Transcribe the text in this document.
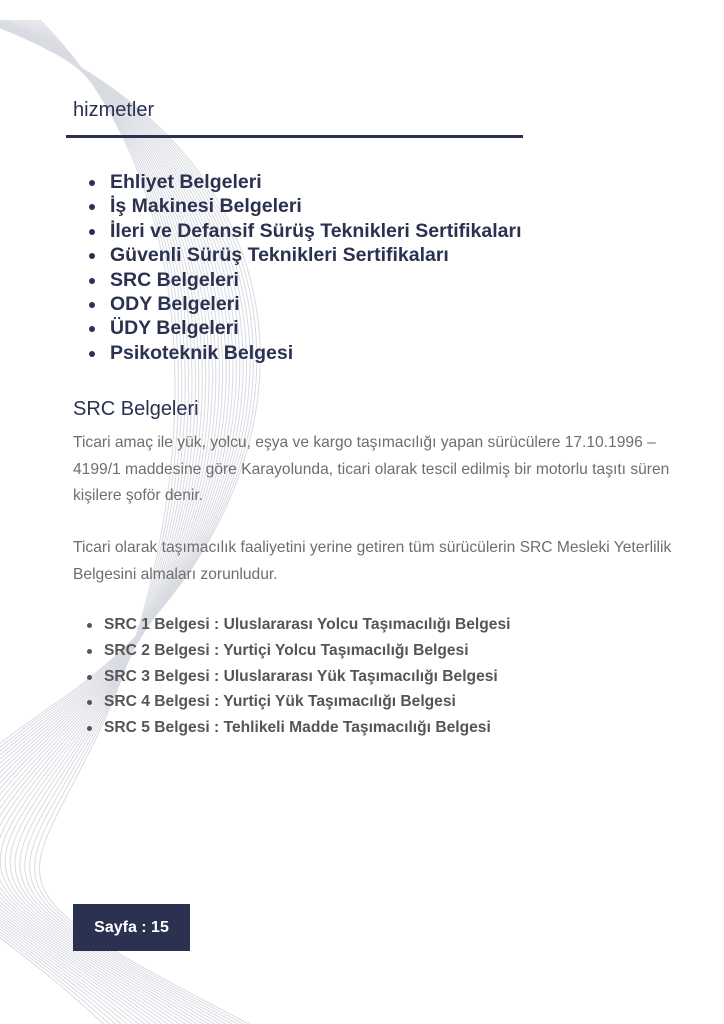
hizmetler
Ehliyet Belgeleri
İş Makinesi Belgeleri
İleri ve Defansif Sürüş Teknikleri Sertifikaları
Güvenli Sürüş Teknikleri Sertifikaları
SRC Belgeleri
ODY Belgeleri
ÜDY Belgeleri
Psikoteknik Belgesi
SRC Belgeleri

Ticari amaç ile yük, yolcu, eşya ve kargo taşımacılığı yapan sürücülere 17.10.1996 – 4199/1 maddesine göre Karayolunda, ticari olarak tescil edilmiş bir motorlu taşıtı süren kişilere şoför denir.

Ticari olarak taşımacılık faaliyetini yerine getiren tüm sürücülerin SRC Mesleki Yeterlilik Belgesini almaları zorunludur.

SRC 1 Belgesi : Uluslararası Yolcu Taşımacılığı Belgesi
SRC 2 Belgesi : Yurtiçi Yolcu Taşımacılığı Belgesi
SRC 3 Belgesi : Uluslararası Yük Taşımacılığı Belgesi
SRC 4 Belgesi : Yurtiçi Yük Taşımacılığı Belgesi
SRC 5 Belgesi : Tehlikeli Madde Taşımacılığı Belgesi
Sayfa : 15
